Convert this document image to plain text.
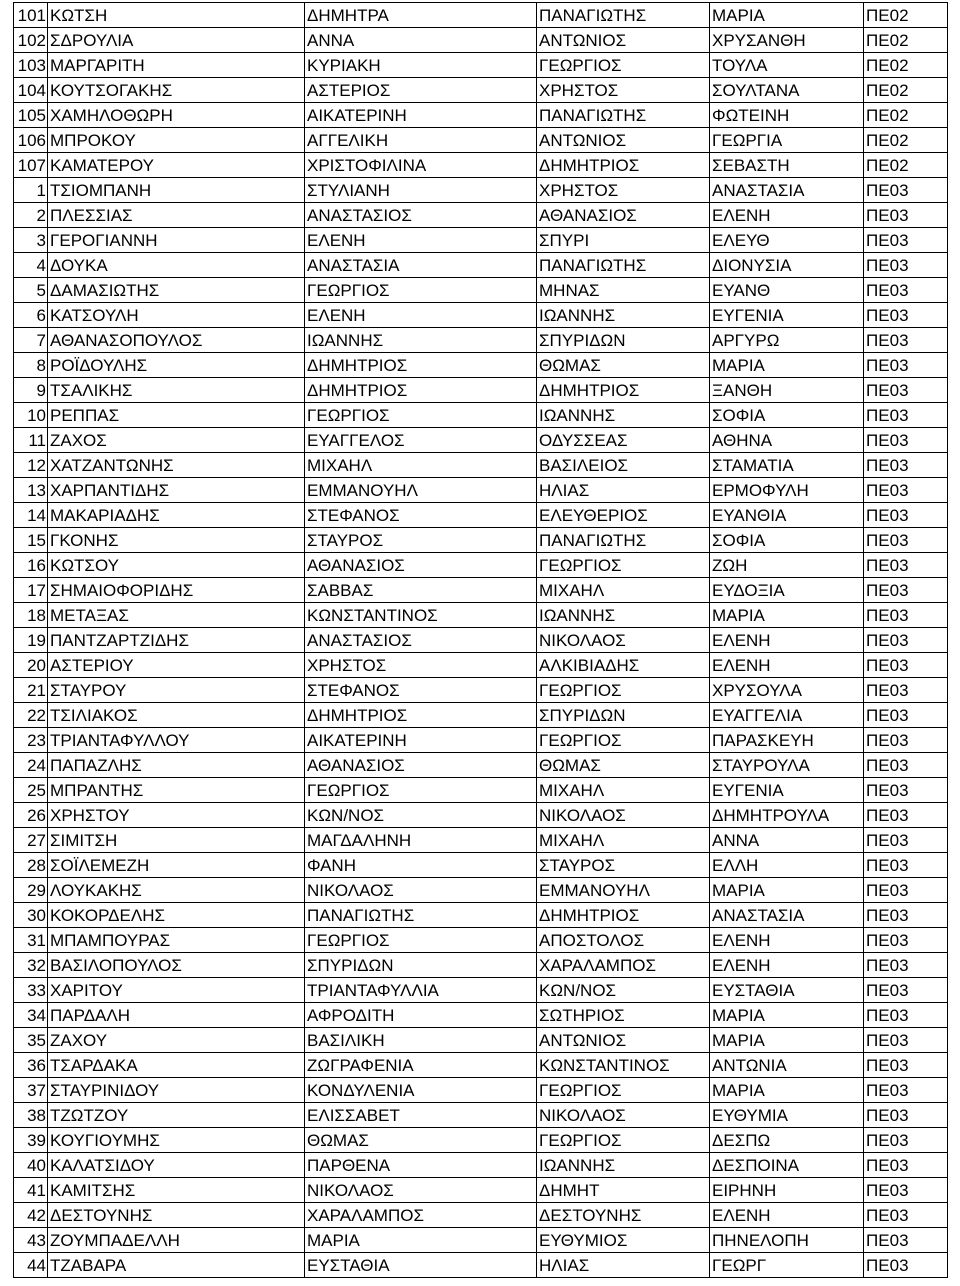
101	ΚΩΤΣΗ	ΔΗΜΗΤΡΑ	ΠΑΝΑΓΙΩΤΗΣ	ΜΑΡΙΑ	ΠΕ02
102	ΣΔΡΟΥΛΙΑ	ΑΝΝΑ	ΑΝΤΩΝΙΟΣ	ΧΡΥΣΑΝΘΗ	ΠΕ02
103	ΜΑΡΓΑΡΙΤΗ	ΚΥΡΙΑΚΗ	ΓΕΩΡΓΙΟΣ	ΤΟΥΛΑ	ΠΕ02
104	ΚΟΥΤΣΟΓΑΚΗΣ	ΑΣΤΕΡΙΟΣ	ΧΡΗΣΤΟΣ	ΣΟΥΛΤΑΝΑ	ΠΕ02
105	ΧΑΜΗΛΟΘΩΡΗ	ΑΙΚΑΤΕΡΙΝΗ	ΠΑΝΑΓΙΩΤΗΣ	ΦΩΤΕΙΝΗ	ΠΕ02
106	ΜΠΡΟΚΟΥ	ΑΓΓΕΛΙΚΗ	ΑΝΤΩΝΙΟΣ	ΓΕΩΡΓΙΑ	ΠΕ02
107	ΚΑΜΑΤΕΡΟΥ	ΧΡΙΣΤΟΦΙΛΙΝΑ	ΔΗΜΗΤΡΙΟΣ	ΣΕΒΑΣΤΗ	ΠΕ02
1	ΤΣΙΟΜΠΑΝΗ	ΣΤΥΛΙΑΝΗ	ΧΡΗΣΤΟΣ	ΑΝΑΣΤΑΣΙΑ	ΠΕ03
2	ΠΛΕΣΣΙΑΣ	ΑΝΑΣΤΑΣΙΟΣ	ΑΘΑΝΑΣΙΟΣ	ΕΛΕΝΗ	ΠΕ03
3	ΓΕΡΟΓΙΑΝΝΗ	ΕΛΕΝΗ	ΣΠΥΡΙ	ΕΛΕΥΘ	ΠΕ03
4	ΔΟΥΚΑ	ΑΝΑΣΤΑΣΙΑ	ΠΑΝΑΓΙΩΤΗΣ	ΔΙΟΝΥΣΙΑ	ΠΕ03
5	ΔΑΜΑΣΙΩΤΗΣ	ΓΕΩΡΓΙΟΣ	ΜΗΝΑΣ	ΕΥΑΝΘ	ΠΕ03
6	ΚΑΤΣΟΥΛΗ	ΕΛΕΝΗ	ΙΩΑΝΝΗΣ	ΕΥΓΕΝΙΑ	ΠΕ03
7	ΑΘΑΝΑΣΟΠΟΥΛΟΣ	ΙΩΑΝΝΗΣ	ΣΠΥΡΙΔΩΝ	ΑΡΓΥΡΩ	ΠΕ03
8	ΡΟΪΔΟΥΛΗΣ	ΔΗΜΗΤΡΙΟΣ	ΘΩΜΑΣ	ΜΑΡΙΑ	ΠΕ03
9	ΤΣΑΛΙΚΗΣ	ΔΗΜΗΤΡΙΟΣ	ΔΗΜΗΤΡΙΟΣ	ΞΑΝΘΗ	ΠΕ03
10	ΡΕΠΠΑΣ	ΓΕΩΡΓΙΟΣ	ΙΩΑΝΝΗΣ	ΣΟΦΙΑ	ΠΕ03
11	ΖΑΧΟΣ	ΕΥΑΓΓΕΛΟΣ	ΟΔΥΣΣΕΑΣ	ΑΘΗΝΑ	ΠΕ03
12	ΧΑΤΖΑΝΤΩΝΗΣ	ΜΙΧΑΗΛ	ΒΑΣΙΛΕΙΟΣ	ΣΤΑΜΑΤΙΑ	ΠΕ03
13	ΧΑΡΠΑΝΤΙΔΗΣ	ΕΜΜΑΝΟΥΗΛ	ΗΛΙΑΣ	ΕΡΜΟΦΥΛΗ	ΠΕ03
14	ΜΑΚΑΡΙΑΔΗΣ	ΣΤΕΦΑΝΟΣ	ΕΛΕΥΘΕΡΙΟΣ	ΕΥΑΝΘΙΑ	ΠΕ03
15	ΓΚΟΝΗΣ	ΣΤΑΥΡΟΣ	ΠΑΝΑΓΙΩΤΗΣ	ΣΟΦΙΑ	ΠΕ03
16	ΚΩΤΣΟΥ	ΑΘΑΝΑΣΙΟΣ	ΓΕΩΡΓΙΟΣ	ΖΩΗ	ΠΕ03
17	ΣΗΜΑΙΟΦΟΡΙΔΗΣ	ΣΑΒΒΑΣ	ΜΙΧΑΗΛ	ΕΥΔΟΞΙΑ	ΠΕ03
18	ΜΕΤΑΞΑΣ	ΚΩΝΣΤΑΝΤΙΝΟΣ	ΙΩΑΝΝΗΣ	ΜΑΡΙΑ	ΠΕ03
19	ΠΑΝΤΖΑΡΤΖΙΔΗΣ	ΑΝΑΣΤΑΣΙΟΣ	ΝΙΚΟΛΑΟΣ	ΕΛΕΝΗ	ΠΕ03
20	ΑΣΤΕΡΙΟΥ	ΧΡΗΣΤΟΣ	ΑΛΚΙΒΙΑΔΗΣ	ΕΛΕΝΗ	ΠΕ03
21	ΣΤΑΥΡΟΥ	ΣΤΕΦΑΝΟΣ	ΓΕΩΡΓΙΟΣ	ΧΡΥΣΟΥΛΑ	ΠΕ03
22	ΤΣΙΛΙΑΚΟΣ	ΔΗΜΗΤΡΙΟΣ	ΣΠΥΡΙΔΩΝ	ΕΥΑΓΓΕΛΙΑ	ΠΕ03
23	ΤΡΙΑΝΤΑΦΥΛΛΟΥ	ΑΙΚΑΤΕΡΙΝΗ	ΓΕΩΡΓΙΟΣ	ΠΑΡΑΣΚΕΥΗ	ΠΕ03
24	ΠΑΠΑΖΛΗΣ	ΑΘΑΝΑΣΙΟΣ	ΘΩΜΑΣ	ΣΤΑΥΡΟΥΛΑ	ΠΕ03
25	ΜΠΡΑΝΤΗΣ	ΓΕΩΡΓΙΟΣ	ΜΙΧΑΗΛ	ΕΥΓΕΝΙΑ	ΠΕ03
26	ΧΡΗΣΤΟΥ	ΚΩΝ/ΝΟΣ	ΝΙΚΟΛΑΟΣ	ΔΗΜΗΤΡΟΥΛΑ	ΠΕ03
27	ΣΙΜΙΤΣΗ	ΜΑΓΔΑΛΗΝΗ	ΜΙΧΑΗΛ	ΑΝΝΑ	ΠΕ03
28	ΣΟΪΛΕΜΕΖΗ	ΦΑΝΗ	ΣΤΑΥΡΟΣ	ΕΛΛΗ	ΠΕ03
29	ΛΟΥΚΑΚΗΣ	ΝΙΚΟΛΑΟΣ	ΕΜΜΑΝΟΥΗΛ	ΜΑΡΙΑ	ΠΕ03
30	ΚΟΚΟΡΔΕΛΗΣ	ΠΑΝΑΓΙΩΤΗΣ	ΔΗΜΗΤΡΙΟΣ	ΑΝΑΣΤΑΣΙΑ	ΠΕ03
31	ΜΠΑΜΠΟΥΡΑΣ	ΓΕΩΡΓΙΟΣ	ΑΠΟΣΤΟΛΟΣ	ΕΛΕΝΗ	ΠΕ03
32	ΒΑΣΙΛΟΠΟΥΛΟΣ	ΣΠΥΡΙΔΩΝ	ΧΑΡΑΛΑΜΠΟΣ	ΕΛΕΝΗ	ΠΕ03
33	ΧΑΡΙΤΟΥ	ΤΡΙΑΝΤΑΦΥΛΛΙΑ	ΚΩΝ/ΝΟΣ	ΕΥΣΤΑΘΙΑ	ΠΕ03
34	ΠΑΡΔΑΛΗ	ΑΦΡΟΔΙΤΗ	ΣΩΤΗΡΙΟΣ	ΜΑΡΙΑ	ΠΕ03
35	ΖΑΧΟΥ	ΒΑΣΙΛΙΚΗ	ΑΝΤΩΝΙΟΣ	ΜΑΡΙΑ	ΠΕ03
36	ΤΣΑΡΔΑΚΑ	ΖΩΓΡΑΦΕΝΙΑ	ΚΩΝΣΤΑΝΤΙΝΟΣ	ΑΝΤΩΝΙΑ	ΠΕ03
37	ΣΤΑΥΡΙΝΙΔΟΥ	ΚΟΝΔΥΛΕΝΙΑ	ΓΕΩΡΓΙΟΣ	ΜΑΡΙΑ	ΠΕ03
38	ΤΖΩΤΖΟΥ	ΕΛΙΣΣΑΒΕΤ	ΝΙΚΟΛΑΟΣ	ΕΥΘΥΜΙΑ	ΠΕ03
39	ΚΟΥΓΙΟΥΜΗΣ	ΘΩΜΑΣ	ΓΕΩΡΓΙΟΣ	ΔΕΣΠΩ	ΠΕ03
40	ΚΑΛΑΤΣΙΔΟΥ	ΠΑΡΘΕΝΑ	ΙΩΑΝΝΗΣ	ΔΕΣΠΟΙΝΑ	ΠΕ03
41	ΚΑΜΙΤΣΗΣ	ΝΙΚΟΛΑΟΣ	ΔΗΜΗΤ	ΕΙΡΗΝΗ	ΠΕ03
42	ΔΕΣΤΟΥΝΗΣ	ΧΑΡΑΛΑΜΠΟΣ	ΔΕΣΤΟΥΝΗΣ	ΕΛΕΝΗ	ΠΕ03
43	ΖΟΥΜΠΑΔΕΛΛΗ	ΜΑΡΙΑ	ΕΥΘΥΜΙΟΣ	ΠΗΝΕΛΟΠΗ	ΠΕ03
44	ΤΖΑΒΑΡΑ	ΕΥΣΤΑΘΙΑ	ΗΛΙΑΣ	ΓΕΩΡΓ	ΠΕ03
